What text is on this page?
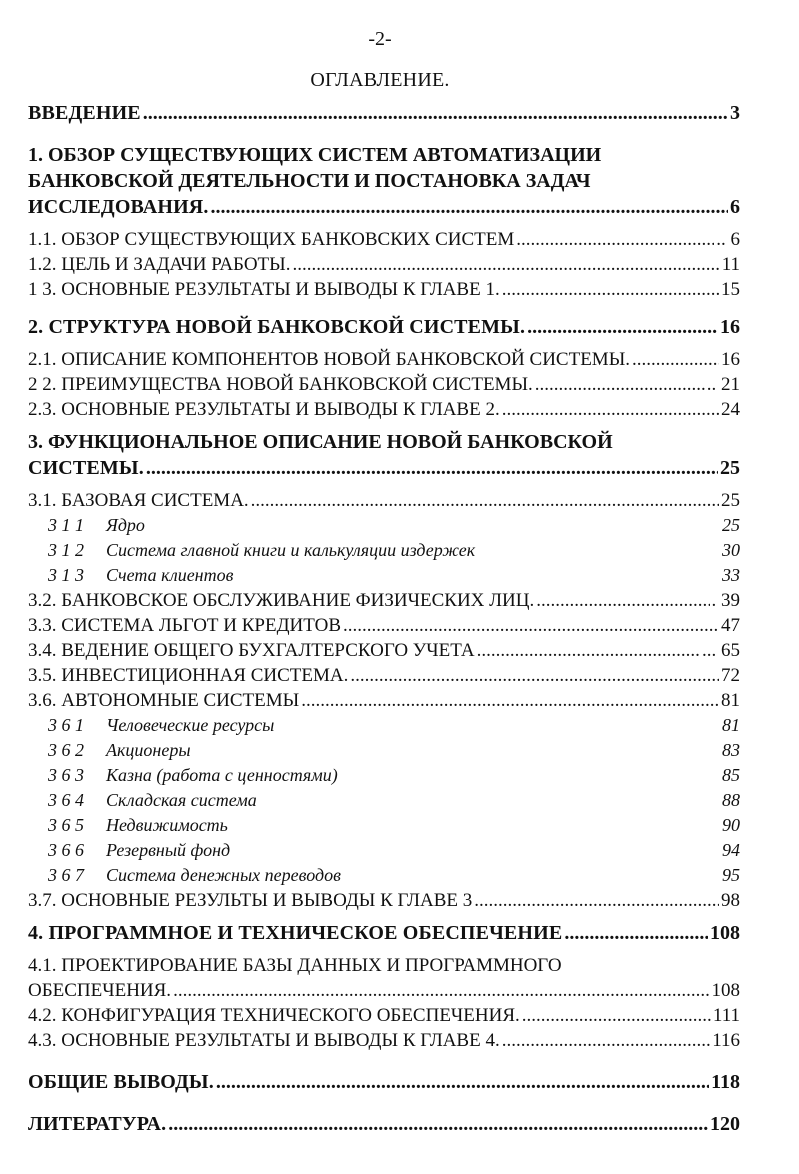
-2-
ОГЛАВЛЕНИЕ.
ВВЕДЕНИЕ .....	3
1. ОБЗОР СУЩЕСТВУЮЩИХ СИСТЕМ АВТОМАТИЗАЦИИ
БАНКОВСКОЙ ДЕЯТЕЛЬНОСТИ И ПОСТАНОВКА ЗАДАЧ
ИССЛЕДОВАНИЯ. .....	6
1.1. ОБЗОР СУЩЕСТВУЮЩИХ БАНКОВСКИХ СИСТЕМ .....	.. 6
1.2. ЦЕЛЬ И ЗАДАЧИ РАБОТЫ. .....	11
1 3. ОСНОВНЫЕ РЕЗУЛЬТАТЫ И ВЫВОДЫ К ГЛАВЕ 1. .....	15
2. СТРУКТУРА НОВОЙ БАНКОВСКОЙ СИСТЕМЫ. .....	16
2.1. ОПИСАНИЕ КОМПОНЕНТОВ НОВОЙ БАНКОВСКОЙ СИСТЕМЫ. .....	16
2 2. ПРЕИМУЩЕСТВА НОВОЙ БАНКОВСКОЙ СИСТЕМЫ. .....	.. 21
2.3. ОСНОВНЫЕ РЕЗУЛЬТАТЫ И ВЫВОДЫ К ГЛАВЕ 2. .....	24
3. ФУНКЦИОНАЛЬНОЕ ОПИСАНИЕ НОВОЙ БАНКОВСКОЙ
СИСТЕМЫ. .....	25
3.1. БАЗОВАЯ СИСТЕМА. .....	25
3 1 1 Ядро	25
3 1 2 Система главной книги и калькуляции издержек	30
3 1 3 Счета клиентов	33
3.2. БАНКОВСКОЕ ОБСЛУЖИВАНИЕ ФИЗИЧЕСКИХ ЛИЦ. .....	. 39
3.3. СИСТЕМА ЛЬГОТ И КРЕДИТОВ .....	47
3.4. ВЕДЕНИЕ ОБЩЕГО БУХГАЛТЕРСКОГО УЧЕТА .....	... 65
3.5. ИНВЕСТИЦИОННАЯ СИСТЕМА. .....	72
3.6. АВТОНОМНЫЕ СИСТЕМЫ .....	81
3 6 1 Человеческие ресурсы	81
3 6 2 Акционеры	83
3 6 3 Казна (работа с ценностями)	85
3 6 4 Складская система	88
3 6 5 Недвижимость	90
3 6 6 Резервный фонд	94
3 6 7 Система денежных переводов	95
3.7. ОСНОВНЫЕ РЕЗУЛЬТЫ И ВЫВОДЫ К ГЛАВЕ 3 .....	98
4. ПРОГРАММНОЕ И ТЕХНИЧЕСКОЕ ОБЕСПЕЧЕНИЕ .....	108
4.1. ПРОЕКТИРОВАНИЕ БАЗЫ ДАННЫХ И ПРОГРАММНОГО
ОБЕСПЕЧЕНИЯ. .....	108
4.2. КОНФИГУРАЦИЯ ТЕХНИЧЕСКОГО ОБЕСПЕЧЕНИЯ. .....	111
4.3. ОСНОВНЫЕ РЕЗУЛЬТАТЫ И ВЫВОДЫ К ГЛАВЕ 4. .....	116
ОБЩИЕ ВЫВОДЫ. .....	118
ЛИТЕРАТУРА. .....	120
